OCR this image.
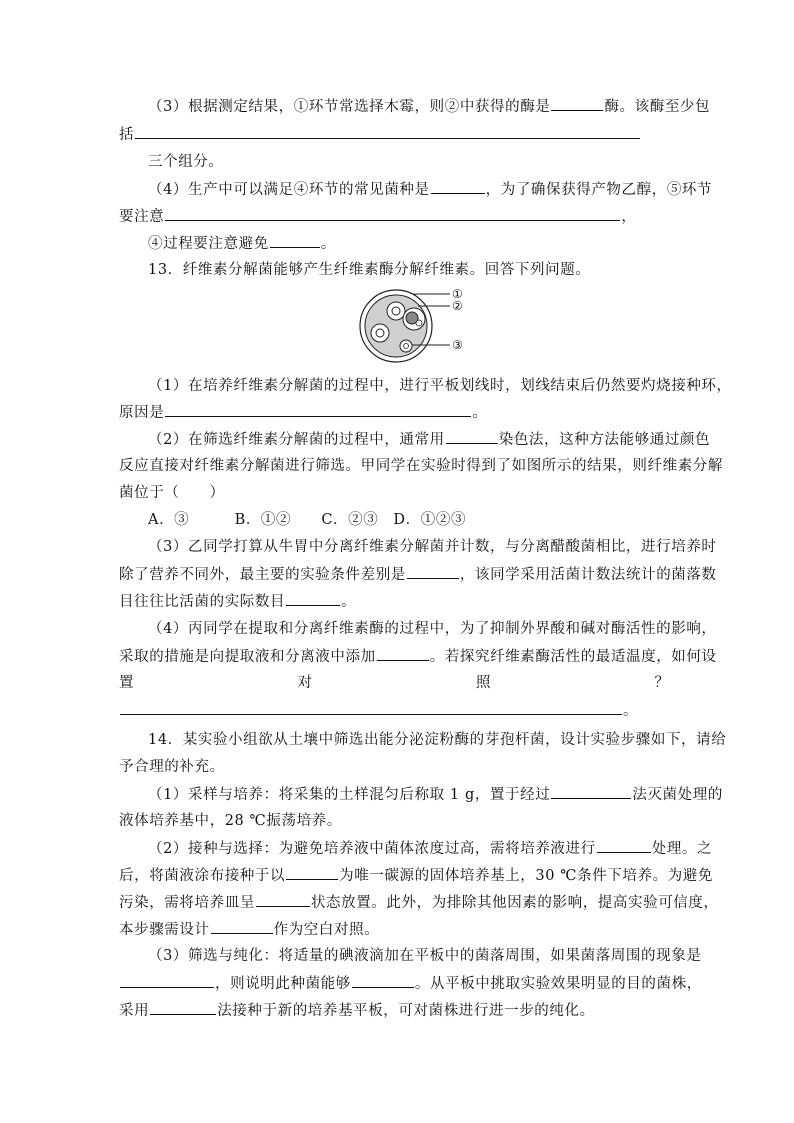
（3）根据测定结果，①环节常选择木霉，则②中获得的酶是	酶。该酶至少包
括
三个组分。
（4）生产中可以满足④环节的常见菌种是	，为了确保获得产物乙醇，⑤环节
要注意	，
④过程要注意避免	。
13．纤维素分解菌能够产生纤维素酶分解纤维素。回答下列问题。
①
②
③
（1）在培养纤维素分解菌的过程中，进行平板划线时，划线结束后仍然要灼烧接种环，
原因是	。
（2）在筛选纤维素分解菌的过程中，通常用	染色法，这种方法能够通过颜色
反应直接对纤维素分解菌进行筛选。甲同学在实验时得到了如图所示的结果，则纤维素分解
菌位于（　　）
A．③　　　B．①②　　C．②③　D．①②③
（3）乙同学打算从牛胃中分离纤维素分解菌并计数，与分离醋酸菌相比，进行培养时
除了营养不同外，最主要的实验条件差别是	，该同学采用活菌计数法统计的菌落数
目往往比活菌的实际数目	。
（4）丙同学在提取和分离纤维素酶的过程中，为了抑制外界酸和碱对酶活性的影响，
采取的措施是向提取液和分离液中添加	。若探究纤维素酶活性的最适温度，如何设
置	对	照	？
。
14．某实验小组欲从土壤中筛选出能分泌淀粉酶的芽孢杆菌，设计实验步骤如下，请给
予合理的补充。
（1）采样与培养：将采集的土样混匀后称取 1 g，置于经过	法灭菌处理的
液体培养基中，28 ℃振荡培养。
（2）接种与选择：为避免培养液中菌体浓度过高，需将培养液进行	处理。之
后，将菌液涂布接种于以	为唯一碳源的固体培养基上，30 ℃条件下培养。为避免
污染，需将培养皿呈	状态放置。此外，为排除其他因素的影响，提高实验可信度，
本步骤需设计	作为空白对照。
（3）筛选与纯化：将适量的碘液滴加在平板中的菌落周围，如果菌落周围的现象是
，则说明此种菌能够	。从平板中挑取实验效果明显的目的菌株，
采用	法接种于新的培养基平板，可对菌株进行进一步的纯化。
